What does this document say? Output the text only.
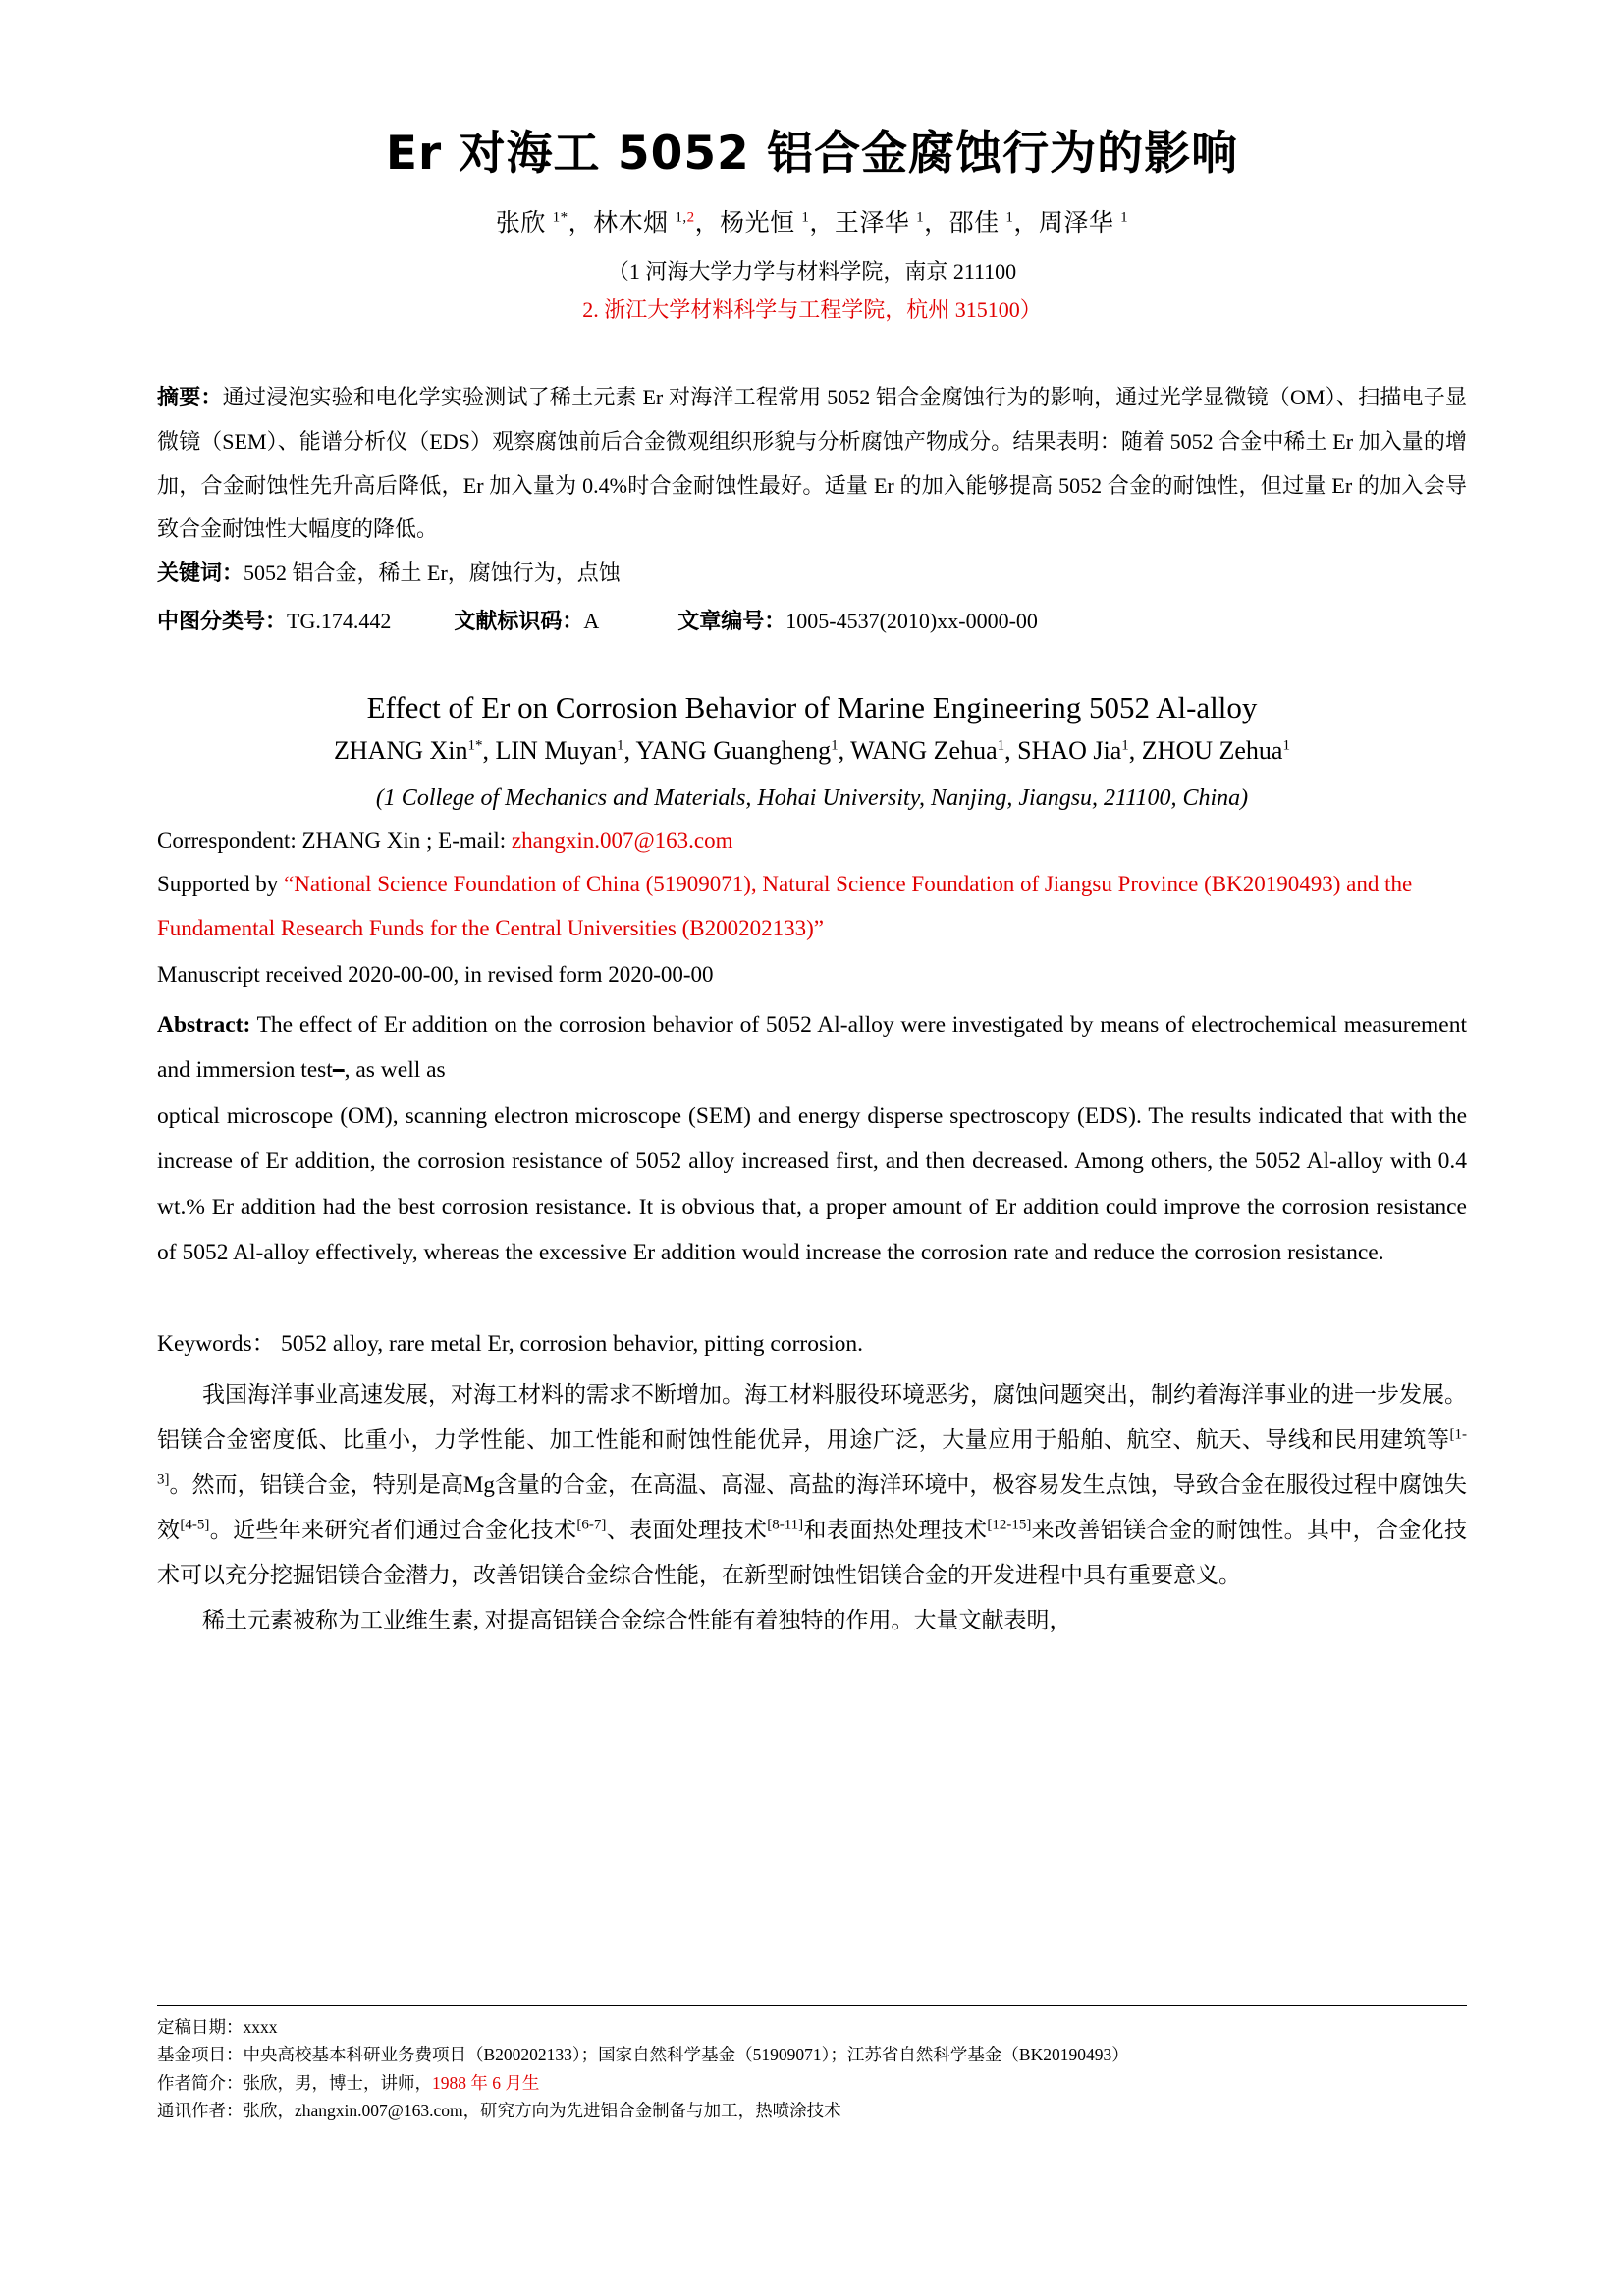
Er 对海工 5052 铝合金腐蚀行为的影响
张欣 $^{1*}$，林木烟 $^{1,2}$，杨光恒 $^1$，王泽华 $^1$，邵佳 $^1$，周泽华 $^1$
（1 河海大学力学与材料学院，南京 211100
2. 浙江大学材料科学与工程学院，杭州 315100）

摘要：通过浸泡实验和电化学实验测试了稀土元素 Er 对海洋工程常用 5052 铝合金腐蚀行为的影响，通过光学显微镜（OM）、扫描电子显微镜（SEM）、能谱分析仪（EDS）观察腐蚀前后合金微观组织形貌与分析腐蚀产物成分。结果表明：随着 5052 合金中稀土 Er 加入量的增加，合金耐蚀性先升高后降低，Er 加入量为 0.4%时合金耐蚀性最好。适量 Er 的加入能够提高 5052 合金的耐蚀性，但过量 Er 的加入会导致合金耐蚀性大幅度的降低。

关键词：5052 铝合金，稀土 Er，腐蚀行为，点蚀

中图分类号：TG.174.442	文献标识码：A	文章编号：1005-4537(2010)xx-0000-00
Effect of Er on Corrosion Behavior of Marine Engineering 5052 Al-alloy
ZHANG Xin$^{1*}$, LIN Muyan$^1$, YANG Guangheng$^1$, WANG Zehua$^1$, SHAO Jia$^1$, ZHOU Zehua$^1$
(1 College of Mechanics and Materials, Hohai University, Nanjing, Jiangsu, 211100, China)
Correspondent: ZHANG Xin ; E-mail: zhangxin.007@163.com
Supported by “National Science Foundation of China (51909071), Natural Science Foundation of Jiangsu Province (BK20190493) and the Fundamental Research Funds for the Central Universities (B200202133)”
Manuscript received 2020-00-00, in revised form 2020-00-00
Abstract: The effect of Er addition on the corrosion behavior of 5052 Al-alloy were investigated by means of electrochemical measurement and immersion test–, as well as
optical microscope (OM), scanning electron microscope (SEM) and energy disperse spectroscopy (EDS). The results indicated that with the increase of Er addition, the corrosion resistance of 5052 alloy increased first, and then decreased. Among others, the 5052 Al-alloy with 0.4 wt.% Er addition had the best corrosion resistance. It is obvious that, a proper amount of Er addition could improve the corrosion resistance of 5052 Al-alloy effectively, whereas the excessive Er addition would increase the corrosion rate and reduce the corrosion resistance.
Keywords： 5052 alloy, rare metal Er, corrosion behavior, pitting corrosion.

我国海洋事业高速发展，对海工材料的需求不断增加。海工材料服役环境恶劣，腐蚀问题突出，制约着海洋事业的进一步发展。铝镁合金密度低、比重小，力学性能、加工性能和耐蚀性能优异，用途广泛，大量应用于船舶、航空、航天、导线和民用建筑等[1-3]。然而，铝镁合金，特别是高Mg含量的合金，在高温、高湿、高盐的海洋环境中，极容易发生点蚀，导致合金在服役过程中腐蚀失效[4-5]。近些年来研究者们通过合金化技术[6-7]、表面处理技术[8-11]和表面热处理技术[12-15]来改善铝镁合金的耐蚀性。其中，合金化技术可以充分挖掘铝镁合金潜力，改善铝镁合金综合性能，在新型耐蚀性铝镁合金的开发进程中具有重要意义。

稀土元素被称为工业维生素, 对提高铝镁合金综合性能有着独特的作用。大量文献表明，

定稿日期：xxxx
基金项目：中央高校基本科研业务费项目（B200202133）；国家自然科学基金（51909071）；江苏省自然科学基金（BK20190493）
作者简介：张欣，男，博士，讲师，1988 年 6 月生
通讯作者：张欣，zhangxin.007@163.com，研究方向为先进铝合金制备与加工，热喷涂技术
